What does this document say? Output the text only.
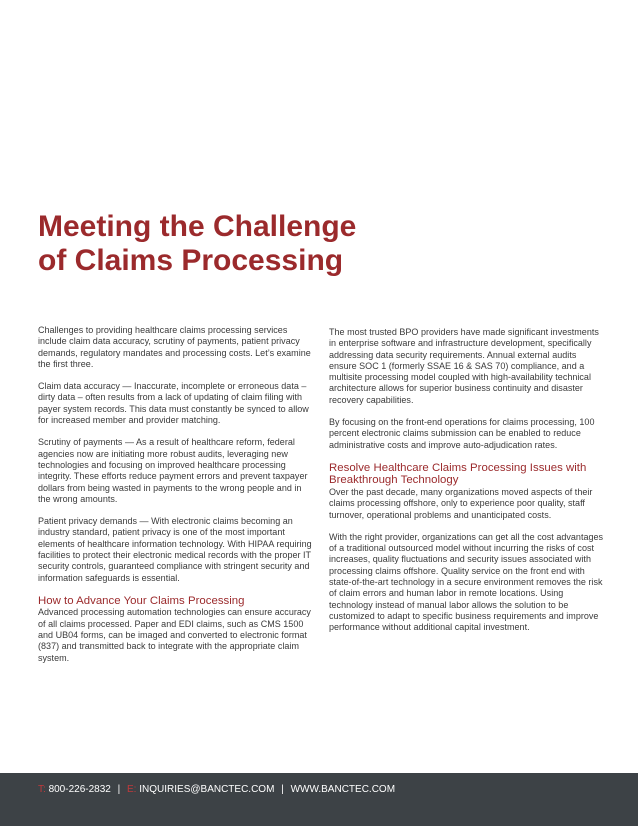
Meeting the Challenge
of Claims Processing

Challenges to providing healthcare claims processing services include claim data accuracy, scrutiny of payments, patient privacy demands, regulatory mandates and processing costs. Let’s examine the first three.

Claim data accuracy — Inaccurate, incomplete or erroneous data – dirty data – often results from a lack of updating of claim filing with payer system records. This data must constantly be synced to allow for increased member and provider matching.

Scrutiny of payments — As a result of healthcare reform, federal agencies now are initiating more robust audits, leveraging new technologies and focusing on improved healthcare processing integrity. These efforts reduce payment errors and prevent taxpayer dollars from being wasted in payments to the wrong people and in the wrong amounts.

Patient privacy demands — With electronic claims becoming an industry standard, patient privacy is one of the most important elements of healthcare information technology. With HIPAA requiring facilities to protect their electronic medical records with the proper IT security controls, guaranteed compliance with stringent security and information safeguards is essential.

How to Advance Your Claims Processing

Advanced processing automation technologies can ensure accuracy of all claims processed. Paper and EDI claims, such as CMS 1500 and UB04 forms, can be imaged and converted to electronic format (837) and transmitted back to integrate with the appropriate claim system.

The most trusted BPO providers have made significant investments in enterprise software and infrastructure development, specifically addressing data security requirements. Annual external audits ensure SOC 1 (formerly SSAE 16 & SAS 70) compliance, and a multisite processing model coupled with high-availability technical architecture allows for superior business continuity and disaster recovery capabilities.

By focusing on the front-end operations for claims processing, 100 percent electronic claims submission can be enabled to reduce administrative costs and improve auto-adjudication rates.

Resolve Healthcare Claims Processing Issues with Breakthrough Technology

Over the past decade, many organizations moved aspects of their claims processing offshore, only to experience poor quality, staff turnover, operational problems and unanticipated costs.

With the right provider, organizations can get all the cost advantages of a traditional outsourced model without incurring the risks of cost increases, quality fluctuations and security issues associated with processing claims offshore. Quality service on the front end with state-of-the-art technology in a secure environment removes the risk of claim errors and human labor in remote locations. Using technology instead of manual labor allows the solution to be customized to adapt to specific business requirements and improve performance without additional capital investment.

T: 800-226-2832 | E: INQUIRIES@BANCTEC.COM | WWW.BANCTEC.COM
